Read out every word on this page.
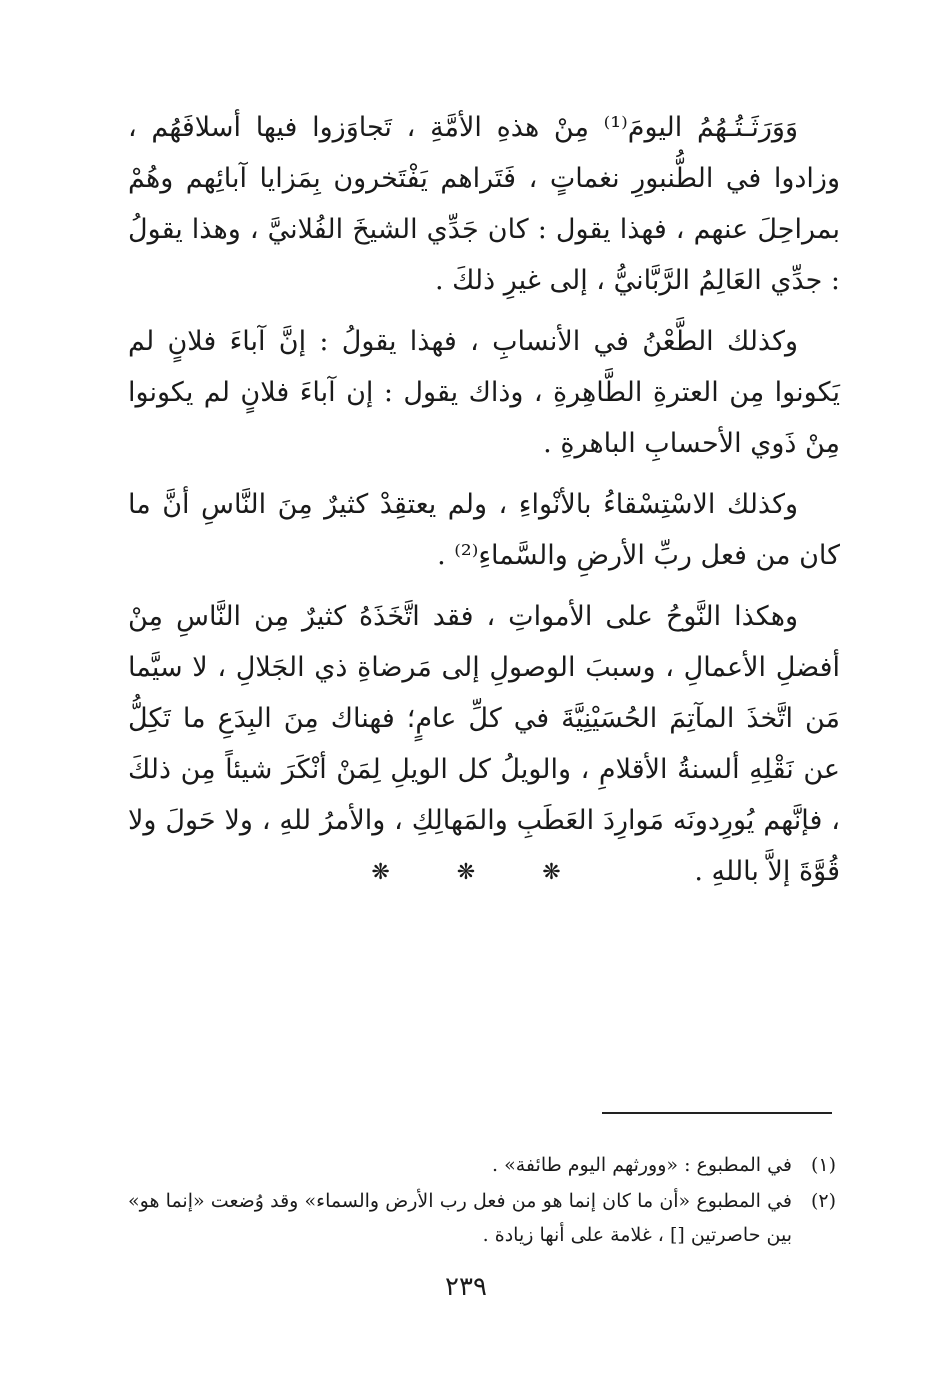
وَوَرَثَـتُـهُمُ اليومَ⁽¹⁾ مِنْ هذهِ الأمَّةِ ، تَجاوَزوا فيها أسلافَهُم ، وزادوا في الطُّنبورِ نغماتٍ ، فَتَراهم يَفْتَخرون بِمَزايا آبائِهم وهُمْ بمراحِلَ عنهم ، فهذا يقول : كان جَدِّي الشيخَ الفُلانيَّ ، وهذا يقولُ : جدِّي العَالِمُ الرَّبَّانيُّ ، إلى غيرِ ذلكَ .

وكذلك الطَّعْنُ في الأنسابِ ، فهذا يقولُ : إنَّ آباءَ فلانٍ لم يَكونوا مِن العترةِ الطَّاهِرةِ ، وذاك يقول : إن آباءَ فلانٍ لم يكونوا مِنْ ذَوي الأحسابِ الباهرةِ .

وكذلك الاسْتِسْقاءُ بالأنْواءِ ، ولم يعتقِدْ كثيرٌ مِنَ النَّاسِ أنَّ ما كان من فعل ربِّ الأرضِ والسَّماءِ⁽²⁾ .

وهكذا النَّوحُ على الأمواتِ ، فقد اتَّخَذَهُ كثيرٌ مِن النَّاسِ مِنْ أفضلِ الأعمالِ ، وسببَ الوصولِ إلى مَرضاةِ ذي الجَلالِ ، لا سيَّما مَن اتَّخذَ المآتِمَ الحُسَيْنِيَّةَ في كلِّ عامٍ؛ فهناك مِنَ البِدَعِ ما تَكِلُّ عن نَقْلِهِ ألسنةُ الأقلامِ ، والويلُ كل الويلِ لِمَنْ أنْكَرَ شيئاً مِن ذلكَ ، فإنَّهم يُورِدونَه مَوارِدَ العَطَبِ والمَهالِكِ ، والأمرُ للهِ ، ولا حَولَ ولا قُوَّةَ إلاَّ باللهِ .

❋ ❋ ❋
(١)
في المطبوع : «وورثهم اليوم طائفة» .
(٢)
في المطبوع «أن ما كان إنما هو من فعل رب الأرض والسماء» وقد وُضعت «إنما هو» بين حاصرتين [] ، غلامة على أنها زيادة .
٢٣٩
